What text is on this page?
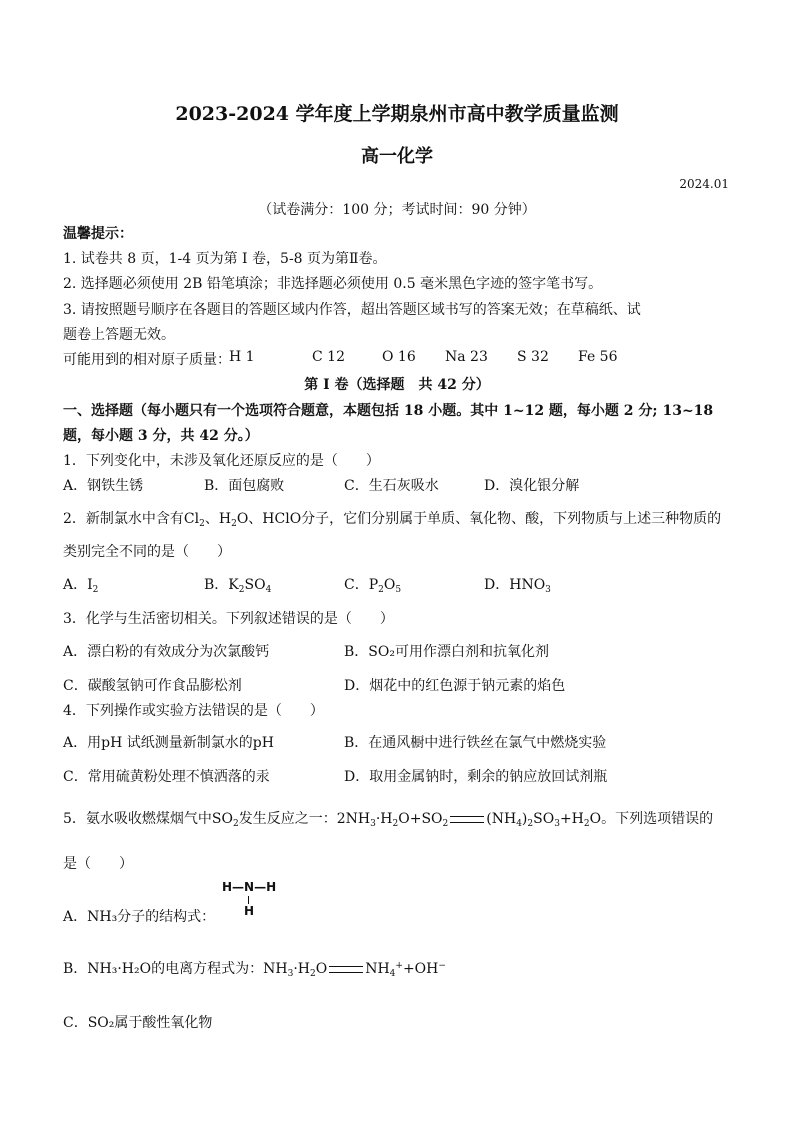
2023-2024 学年度上学期泉州市高中教学质量监测
高一化学
2024.01
（试卷满分：100 分；考试时间：90 分钟）
温馨提示：
1. 试卷共 8 页，1-4 页为第 I 卷，5-8 页为第Ⅱ卷。
2. 选择题必须使用 2B 铅笔填涂；非选择题必须使用 0.5 毫米黑色字迹的签字笔书写。
3. 请按照题号顺序在各题目的答题区域内作答，超出答题区域书写的答案无效；在草稿纸、试
题卷上答题无效。
可能用到的相对原子质量：
H 1	C 12	O 16 Na 23 S 32 Fe 56
第 I 卷（选择题　共 42 分）
一、选择题（每小题只有一个选项符合题意，本题包括 18 小题。其中 1~12 题，每小题 2 分; 13~18
题，每小题 3 分，共 42 分。）
1．下列变化中，未涉及氧化还原反应的是（　　）
A．钢铁生锈	B．面包腐败	C．生石灰吸水	D．溴化银分解
2．新制氯水中含有$Cl_2$、$H_2O$、HClO分子，它们分别属于单质、氧化物、酸，下列物质与上述三种物质的
类别完全不同的是（　　）
A．$I_2$	B．$K_2SO_4$	C．$P_2O_5$	D．$HNO_3$
3．化学与生活密切相关。下列叙述错误的是（　　）
A．漂白粉的有效成分为次氯酸钙	B．SO₂可用作漂白剂和抗氧化剂
C．碳酸氢钠可作食品膨松剂	D．烟花中的红色源于钠元素的焰色
4．下列操作或实验方法错误的是（　　）
A．用pH 试纸测量新制氯水的pH	B．在通风橱中进行铁丝在氯气中燃烧实验
C．常用硫黄粉处理不慎洒落的汞	D．取用金属钠时，剩余的钠应放回试剂瓶
5．氨水吸收燃煤烟气中$SO_2$发生反应之一：$2NH_3\cdot H_2O+SO_2$	$(NH_4)_2SO_3+H_2O$。下列选项错误的
是（　　）
H—N—H
H
A．NH₃分子的结构式：
B．NH₃·H₂O的电离方程式为：$NH_3\cdot H_2O$	$NH_4^++OH^-$
C．SO₂属于酸性氧化物
